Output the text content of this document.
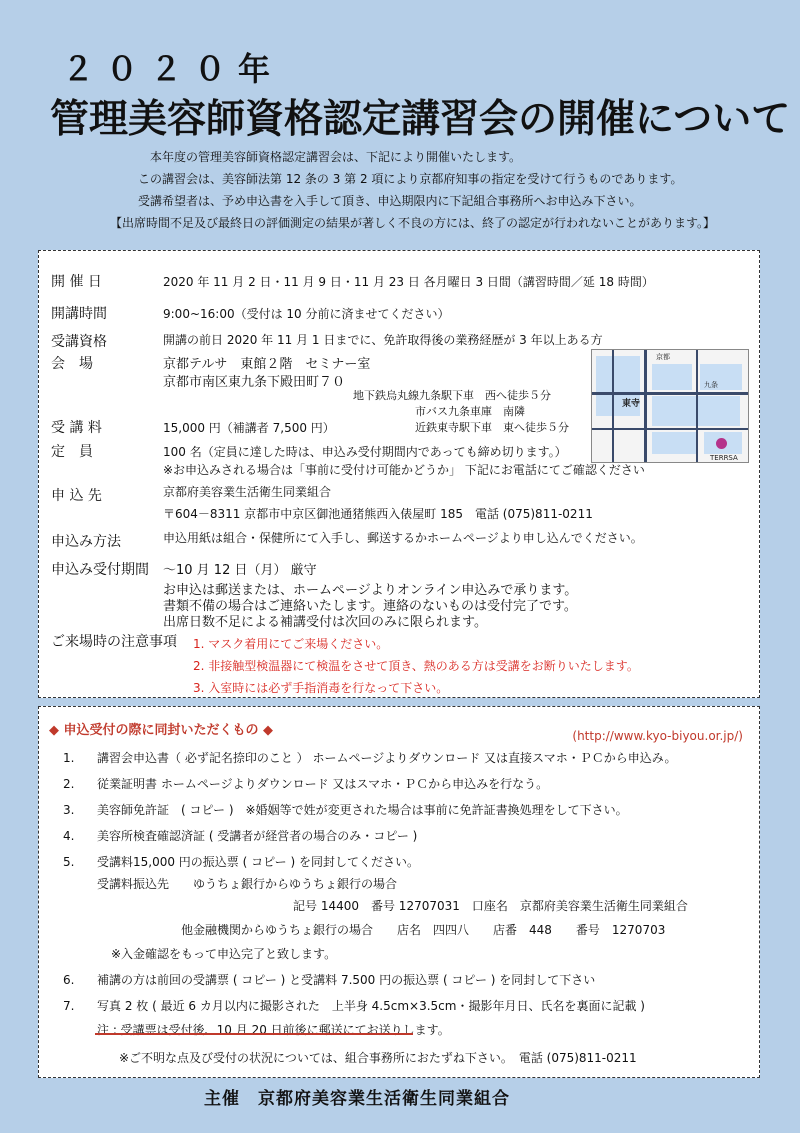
２０２０年
管理美容師資格認定講習会の開催について

本年度の管理美容師資格認定講習会は、下記により開催いたします。

この講習会は、美容師法第 12 条の 3 第 2 項により京都府知事の指定を受けて行うものであります。

受講希望者は、予め申込書を入手して頂き、申込期限内に下記組合事務所へお申込み下さい。

【出席時間不足及び最終日の評価測定の結果が著しく不良の方には、終了の認定が行われないことがあります。】

開 催 日	2020 年 11 月 2 日・11 月 9 日・11 月 23 日 各月曜日 3 日間（講習時間／延 18 時間）
開講時間	9:00~16:00（受付は 10 分前に済ませてください）
受講資格	開講の前日 2020 年 11 月 1 日までに、免許取得後の業務経歴が 3 年以上ある方
会　場	京都テルサ　東館２階　セミナー室
京都市南区東九条下殿田町７０
地下鉄烏丸線九条駅下車　西へ徒歩５分
市バス九条車庫　南隣
近鉄東寺駅下車　東へ徒歩５分
東寺
九条
TERRSA
京都
受 講 料	15,000 円（補講者 7,500 円）
定　員	100 名（定員に達した時は、申込み受付期間内であっても締め切ります。）
※お申込みされる場合は「事前に受付け可能かどうか」 下記にお電話にてご確認ください
申 込 先	京都府美容業生活衛生同業組合
〒604－8311 京都市中京区御池通猪熊西入俵屋町 185　電話 (075)811-0211
申込み方法	申込用紙は組合・保健所にて入手し、郵送するかホームページより申し込んでください。
申込み受付期間 ～10 月 12 日（月） 厳守
お申込は郵送または、ホームページよりオンライン申込みで承ります。
書類不備の場合はご連絡いたします。連絡のないものは受付完了です。
出席日数不足による補講受付は次回のみに限られます。
ご来場時の注意事項 1. マスク着用にてご来場ください。
2. 非接触型検温器にて検温をさせて頂き、熱のある方は受講をお断りいたします。
3. 入室時には必ず手指消毒を行なって下さい。
◆ 申込受付の際に同封いただくもの ◆	(http://www.kyo-biyou.or.jp/)
1. 講習会申込書（ 必ず記名捺印のこと ） ホームページよりダウンロード 又は直接スマホ・ＰＣから申込み。
2. 従業証明書 ホームページよりダウンロード 又はスマホ・ＰＣから申込みを行なう。
3. 美容師免許証　( コピー )　※婚姻等で姓が変更された場合は事前に免許証書換処理をして下さい。
4. 美容所検査確認済証 ( 受講者が経営者の場合のみ・コピー )
5. 受講料15,000 円の振込票 ( コピー ) を同封してください。
受講料振込先　　ゆうちょ銀行からゆうちょ銀行の場合
記号 14400　番号 12707031　口座名　京都府美容業生活衛生同業組合
他金融機関からゆうちょ銀行の場合　　店名　四四八　　店番　448　　番号　1270703
※入金確認をもって申込完了と致します。
6. 補講の方は前回の受講票 ( コピー ) と受講料 7.500 円の振込票 ( コピー ) を同封して下さい
7. 写真 2 枚 ( 最近 6 カ月以内に撮影された　上半身 4.5cm×3.5cm・撮影年月日、氏名を裏面に記載 )
注 : 受講票は受付後、10 月 20 日前後に郵送にてお送りします。
※ご不明な点及び受付の状況については、組合事務所におたずね下さい。　電話 (075)811-0211
主催　京都府美容業生活衛生同業組合
